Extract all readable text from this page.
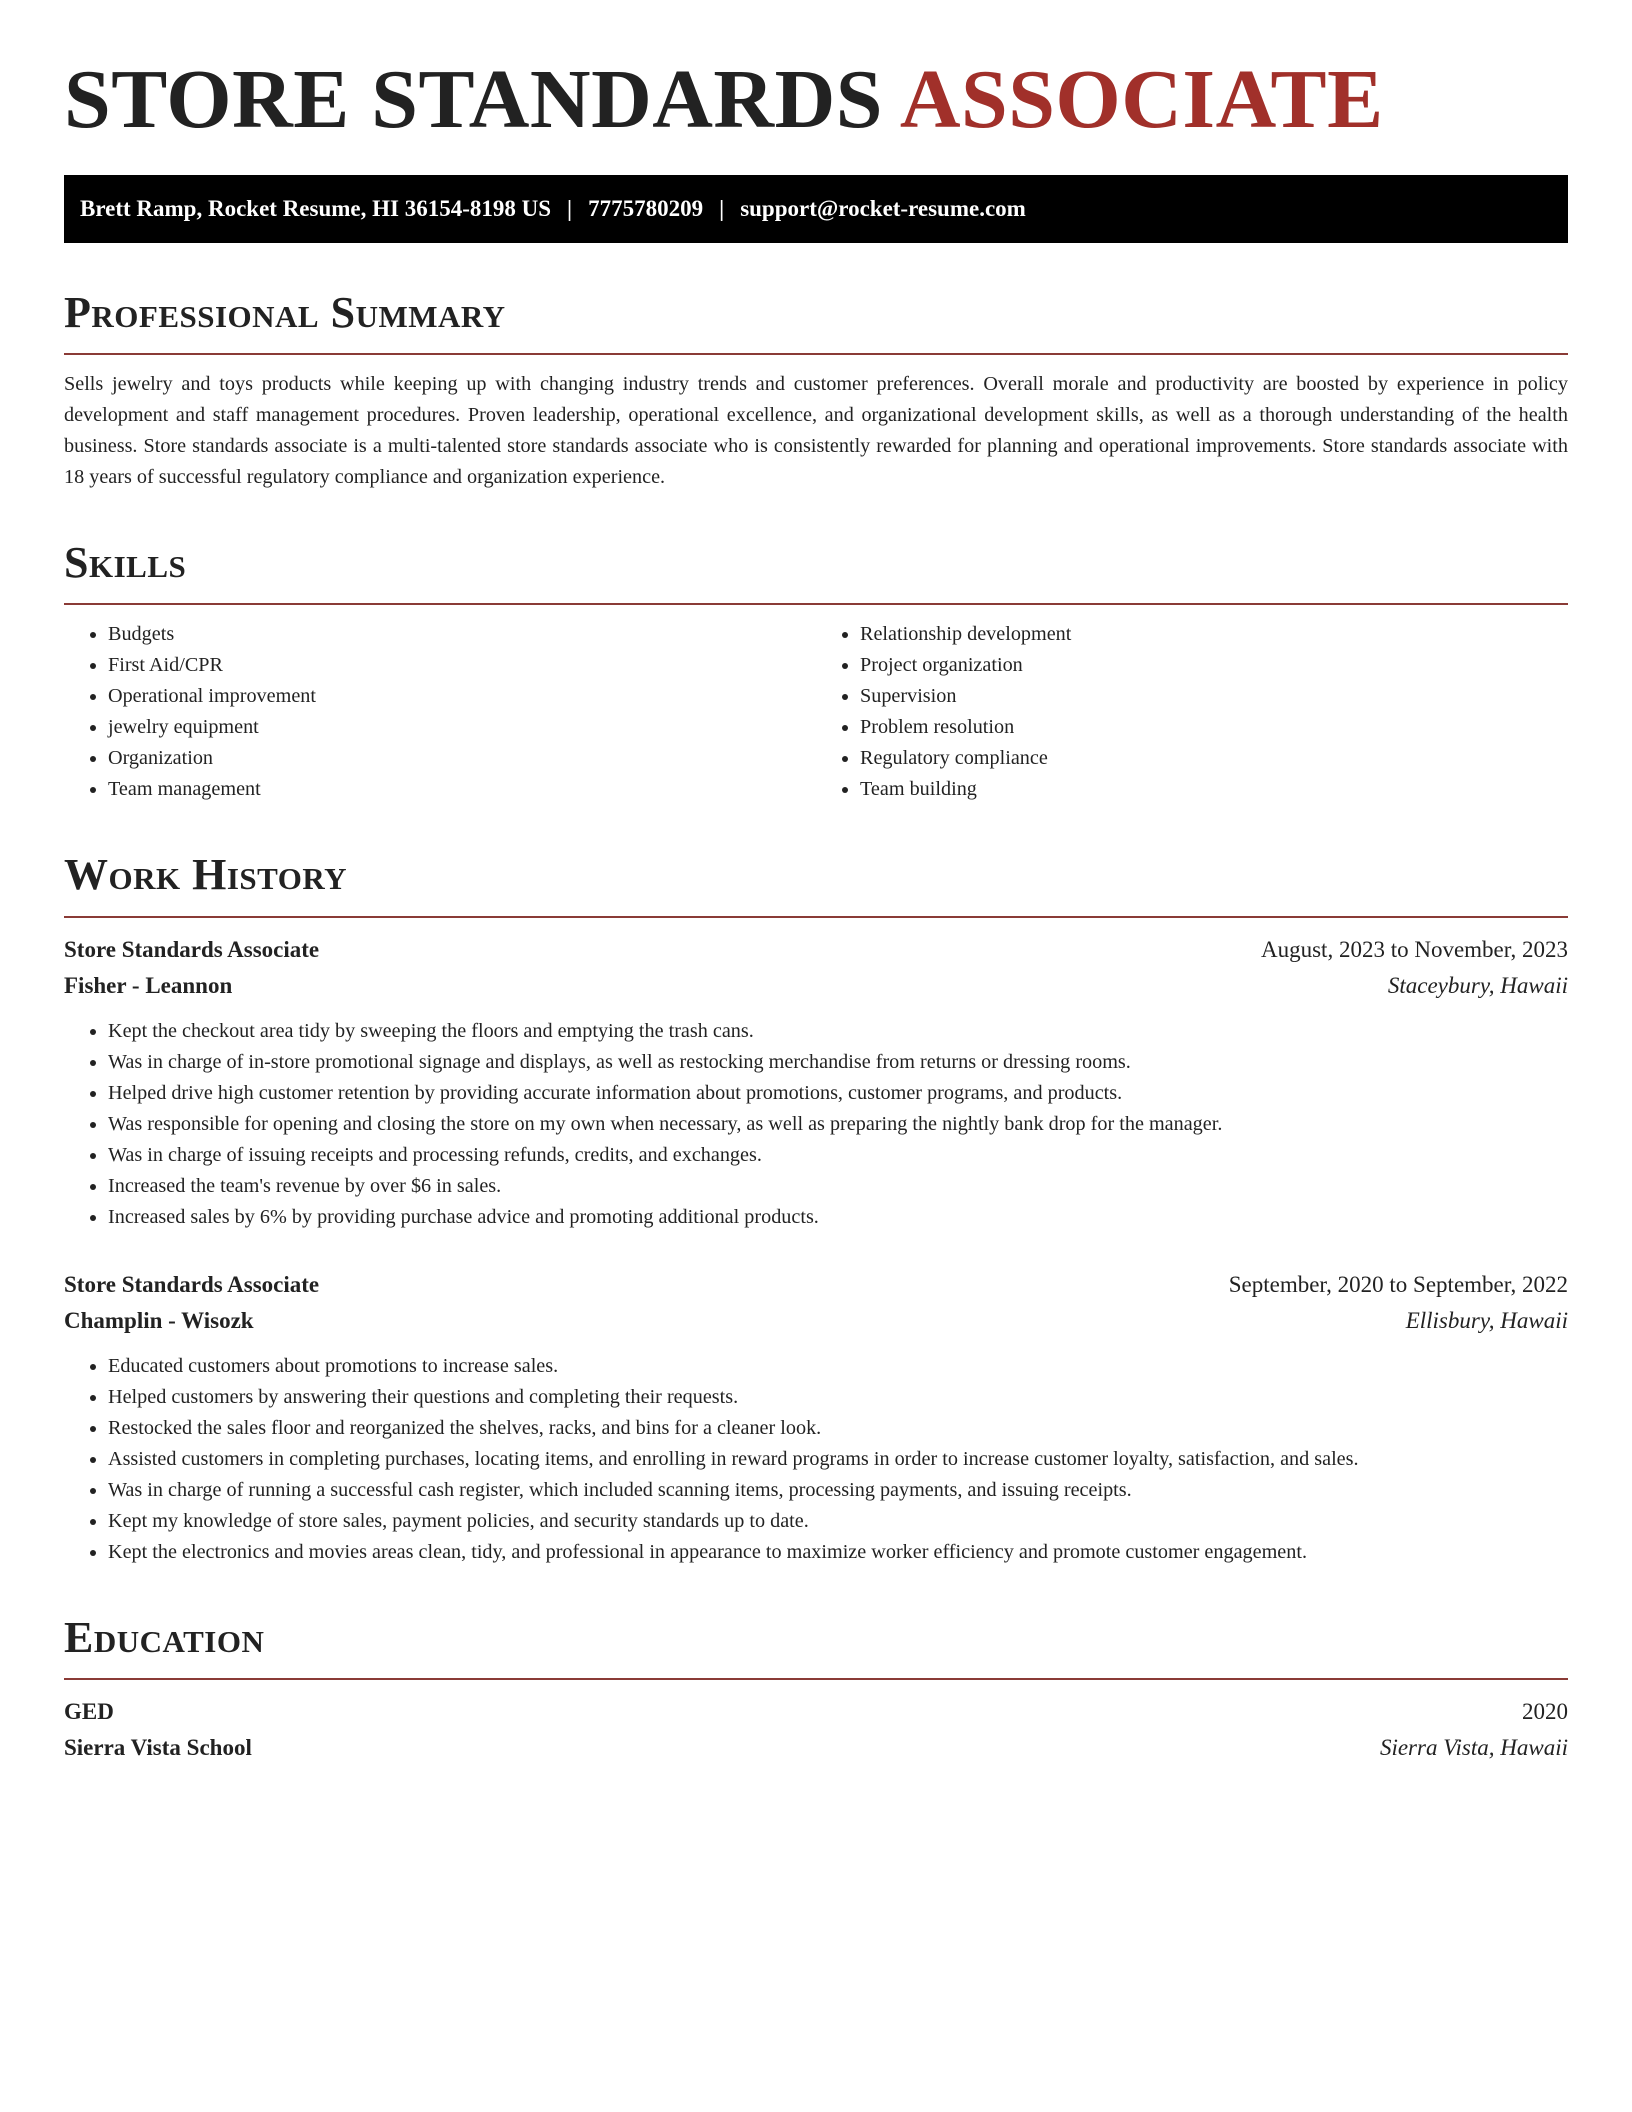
STORE STANDARDS ASSOCIATE
Brett Ramp, Rocket Resume, HI 36154-8198 US | 7775780209 | support@rocket-resume.com
Professional Summary

Sells jewelry and toys products while keeping up with changing industry trends and customer preferences. Overall morale and productivity are boosted by experience in policy development and staff management procedures. Proven leadership, operational excellence, and organizational development skills, as well as a thorough understanding of the health business. Store standards associate is a multi-talented store standards associate who is consistently rewarded for planning and operational improvements. Store standards associate with 18 years of successful regulatory compliance and organization experience.

Skills
• Budgets
• First Aid/CPR
• Operational improvement
• jewelry equipment
• Organization
• Team management
• Relationship development
• Project organization
• Supervision
• Problem resolution
• Regulatory compliance
• Team building
Work History
Store Standards Associate	August, 2023 to November, 2023
Fisher - Leannon	Staceybury, Hawaii
• Kept the checkout area tidy by sweeping the floors and emptying the trash cans.
• Was in charge of in-store promotional signage and displays, as well as restocking merchandise from returns or dressing rooms.
• Helped drive high customer retention by providing accurate information about promotions, customer programs, and products.
• Was responsible for opening and closing the store on my own when necessary, as well as preparing the nightly bank drop for the manager.
• Was in charge of issuing receipts and processing refunds, credits, and exchanges.
• Increased the team's revenue by over $6 in sales.
• Increased sales by 6% by providing purchase advice and promoting additional products.
Store Standards Associate	September, 2020 to September, 2022
Champlin - Wisozk	Ellisbury, Hawaii
• Educated customers about promotions to increase sales.
• Helped customers by answering their questions and completing their requests.
• Restocked the sales floor and reorganized the shelves, racks, and bins for a cleaner look.
• Assisted customers in completing purchases, locating items, and enrolling in reward programs in order to increase customer loyalty, satisfaction, and sales.
• Was in charge of running a successful cash register, which included scanning items, processing payments, and issuing receipts.
• Kept my knowledge of store sales, payment policies, and security standards up to date.
• Kept the electronics and movies areas clean, tidy, and professional in appearance to maximize worker efficiency and promote customer engagement.
Education
GED	2020
Sierra Vista School	Sierra Vista, Hawaii
